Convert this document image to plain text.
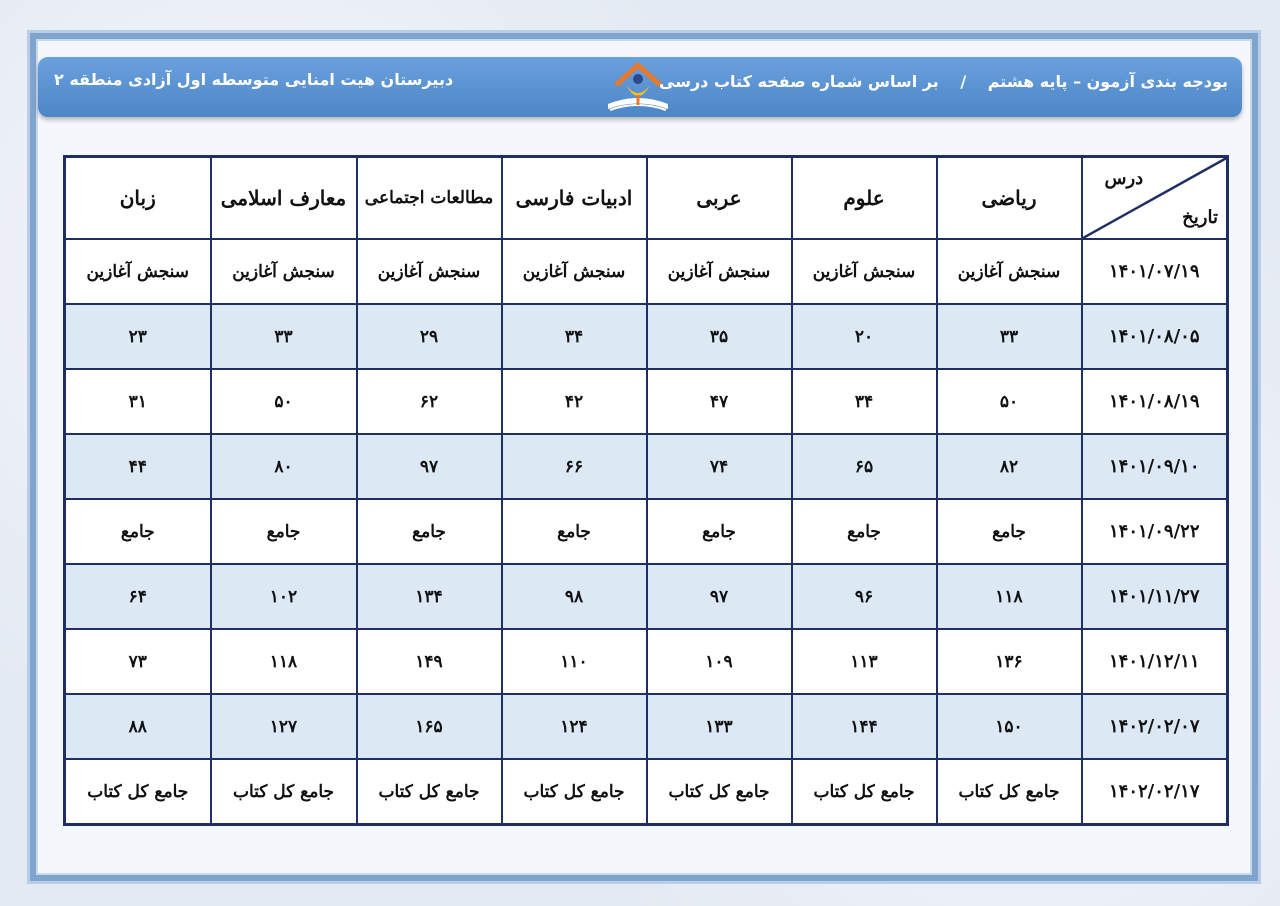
بودجه بندی آزمون – پایه هشتم / بر اساس شماره صفحه کتاب درسی
دبیرستان هیت امنایی متوسطه اول آزادی منطقه ۲
درس
تاریخ	ریاضی	علوم	عربی	ادبیات فارسی	مطالعات اجتماعی	معارف اسلامی	زبان
۱۴۰۱/۰۷/۱۹	سنجش آغازین	سنجش آغازین	سنجش آغازین	سنجش آغازین	سنجش آغازین	سنجش آغازین	سنجش آغازین
۱۴۰۱/۰۸/۰۵	۳۳	۲۰	۳۵	۳۴	۲۹	۳۳	۲۳
۱۴۰۱/۰۸/۱۹	۵۰	۳۴	۴۷	۴۲	۶۲	۵۰	۳۱
۱۴۰۱/۰۹/۱۰	۸۲	۶۵	۷۴	۶۶	۹۷	۸۰	۴۴
۱۴۰۱/۰۹/۲۲	جامع	جامع	جامع	جامع	جامع	جامع	جامع
۱۴۰۱/۱۱/۲۷	۱۱۸	۹۶	۹۷	۹۸	۱۳۴	۱۰۲	۶۴
۱۴۰۱/۱۲/۱۱	۱۳۶	۱۱۳	۱۰۹	۱۱۰	۱۴۹	۱۱۸	۷۳
۱۴۰۲/۰۲/۰۷	۱۵۰	۱۴۴	۱۳۳	۱۲۴	۱۶۵	۱۲۷	۸۸
۱۴۰۲/۰۲/۱۷	جامع کل کتاب	جامع کل کتاب	جامع کل کتاب	جامع کل کتاب	جامع کل کتاب	جامع کل کتاب	جامع کل کتاب
